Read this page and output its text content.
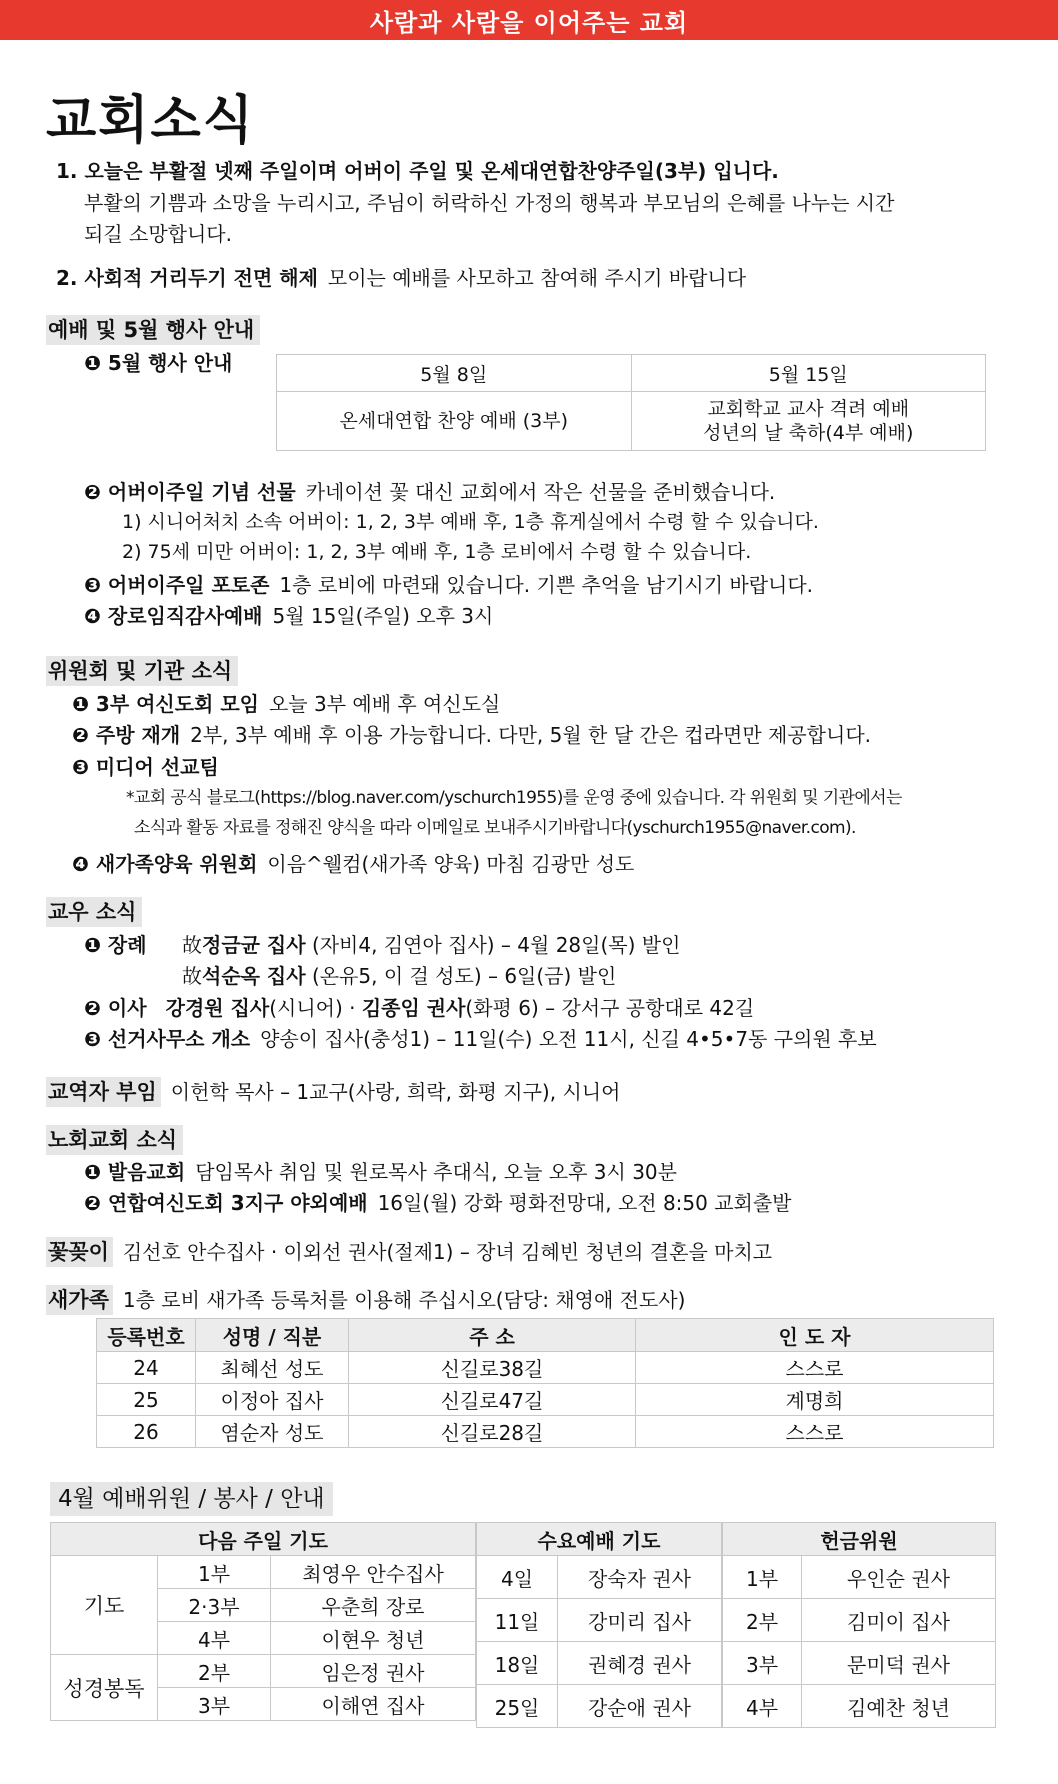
사람과 사람을 이어주는 교회
교회소식
1. 오늘은 부활절 넷째 주일이며 어버이 주일 및 온세대연합찬양주일(3부) 입니다.
부활의 기쁨과 소망을 누리시고, 주님이 허락하신 가정의 행복과 부모님의 은혜를 나누는 시간
되길 소망합니다.
2. 사회적 거리두기 전면 해제 모이는 예배를 사모하고 참여해 주시기 바랍니다
예배 및 5월 행사 안내
❶ 5월 행사 안내	5월 8일	5월 15일
온세대연합 찬양 예배 (3부)	교회학교 교사 격려 예배
성년의 날 축하(4부 예배)
❷ 어버이주일 기념 선물 카네이션 꽃 대신 교회에서 작은 선물을 준비했습니다.
1) 시니어처치 소속 어버이: 1, 2, 3부 예배 후, 1층 휴게실에서 수령 할 수 있습니다.
2) 75세 미만 어버이: 1, 2, 3부 예배 후, 1층 로비에서 수령 할 수 있습니다.
❸ 어버이주일 포토존 1층 로비에 마련돼 있습니다. 기쁜 추억을 남기시기 바랍니다.
❹ 장로임직감사예배 5월 15일(주일) 오후 3시
위원회 및 기관 소식
❶ 3부 여신도회 모임 오늘 3부 예배 후 여신도실
❷ 주방 재개 2부, 3부 예배 후 이용 가능합니다. 다만, 5월 한 달 간은 컵라면만 제공합니다.
❸ 미디어 선교팀
*교회 공식 블로그(https://blog.naver.com/yschurch1955)를 운영 중에 있습니다. 각 위원회 및 기관에서는
소식과 활동 자료를 정해진 양식을 따라 이메일로 보내주시기바랍니다(yschurch1955@naver.com).
❹ 새가족양육 위원회 이음^웰컴(새가족 양육) 마침 김광만 성도
교우 소식
❶ 장례 故정금균 집사 (자비4, 김연아 집사) – 4월 28일(목) 발인
故석순옥 집사 (온유5, 이 걸 성도) – 6일(금) 발인
❷ 이사 강경원 집사(시니어) · 김종임 권사(화평 6) – 강서구 공항대로 42길
❸ 선거사무소 개소 양송이 집사(충성1) – 11일(수) 오전 11시, 신길 4•5•7동 구의원 후보
교역자 부임 이헌학 목사 – 1교구(사랑, 희락, 화평 지구), 시니어
노회교회 소식
❶ 발음교회 담임목사 취임 및 원로목사 추대식, 오늘 오후 3시 30분
❷ 연합여신도회 3지구 야외예배 16일(월) 강화 평화전망대, 오전 8:50 교회출발
꽃꽂이 김선호 안수집사 · 이외선 권사(절제1) – 장녀 김혜빈 청년의 결혼을 마치고
새가족 1층 로비 새가족 등록처를 이용해 주십시오(담당: 채영애 전도사)
등록번호	성명 / 직분	주 소	인 도 자
24	최혜선 성도	신길로38길	스스로
25	이정아 집사	신길로47길	계명희
26	염순자 성도	신길로28길	스스로
4월 예배위원 / 봉사 / 안내
다음 주일 기도		
기도	1부	최영우 안수집사
	2·3부	우춘희 장로
	4부	이현우 청년
성경봉독	2부	임은정 권사
	3부	이해연 집사
수요예배 기도	
4일	장숙자 권사
11일	강미리 집사
18일	권혜경 권사
25일	강순애 권사
헌금위원	
1부	우인순 권사
2부	김미이 집사
3부	문미덕 권사
4부	김예찬 청년
